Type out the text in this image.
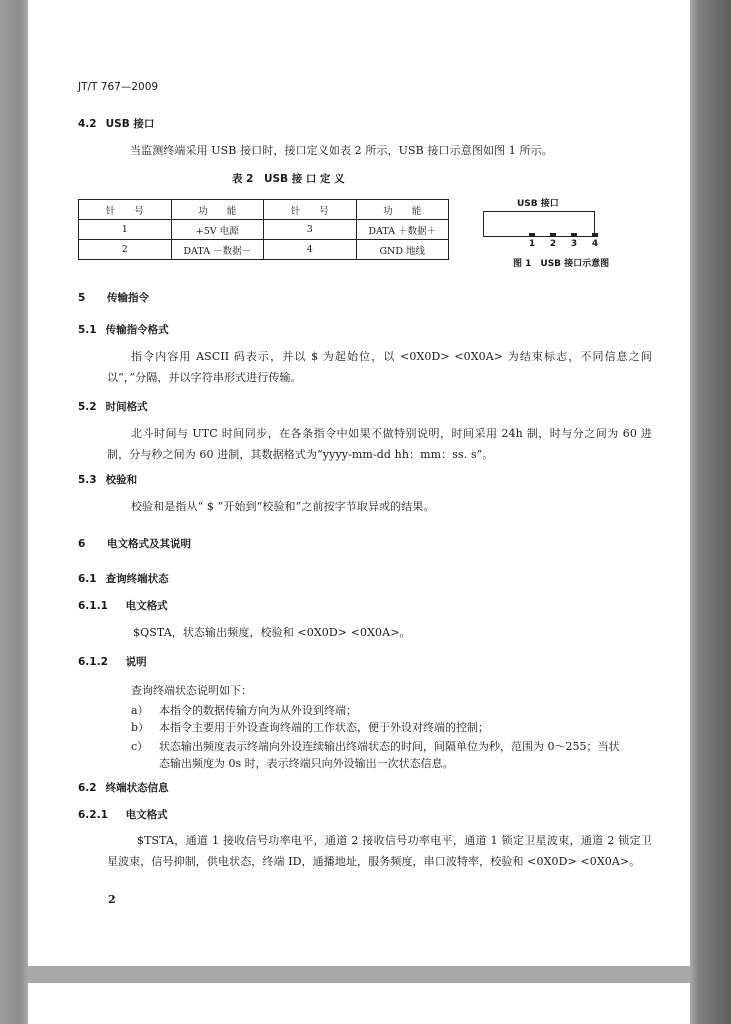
JT/T 767—2009
4.2 USB 接口
当监测终端采用 USB 接口时，接口定义如表 2 所示，USB 接口示意图如图 1 所示。
表 2　USB 接 口 定 义
针　　号	功　　能	针　　号	功　　能
1	+5V 电源	3	DATA ＋数据＋
2	DATA －数据－	4	GND 地线
USB 接口
1 2 3 4
图 1　USB 接口示意图
5	传输指令
5.1 传输指令格式
指令内容用 ASCII 码表示，并以 $ 为起始位，以 <0X0D> <0X0A> 为结束标志，不同信息之间以“，”分隔，并以字符串形式进行传输。
5.2 时间格式
北斗时间与 UTC 时间同步，在各条指令中如果不做特别说明，时间采用 24h 制，时与分之间为 60 进制，分与秒之间为 60 进制，其数据格式为“yyyy-mm-dd hh：mm：ss. s”。
5.3 校验和
校验和是指从“ $ ”开始到“校验和”之前按字节取异或的结果。
6	电文格式及其说明
6.1 查询终端状态
6.1.1 电文格式
$QSTA，状态输出频度，校验和 <0X0D> <0X0A>。
6.1.2 说明
查询终端状态说明如下：
a） 本指令的数据传输方向为从外设到终端；
b） 本指令主要用于外设查询终端的工作状态，便于外设对终端的控制；
c） 状态输出频度表示终端向外设连续输出终端状态的时间，间隔单位为秒，范围为 0～255；当状
态输出频度为 0s 时，表示终端只向外设输出一次状态信息。
6.2 终端状态信息
6.2.1 电文格式
$TSTA，通道 1 接收信号功率电平，通道 2 接收信号功率电平，通道 1 锁定卫星波束，通道 2 锁定卫星波束，信号抑制，供电状态，终端 ID，通播地址，服务频度，串口波特率，校验和 <0X0D> <0X0A>。
2
